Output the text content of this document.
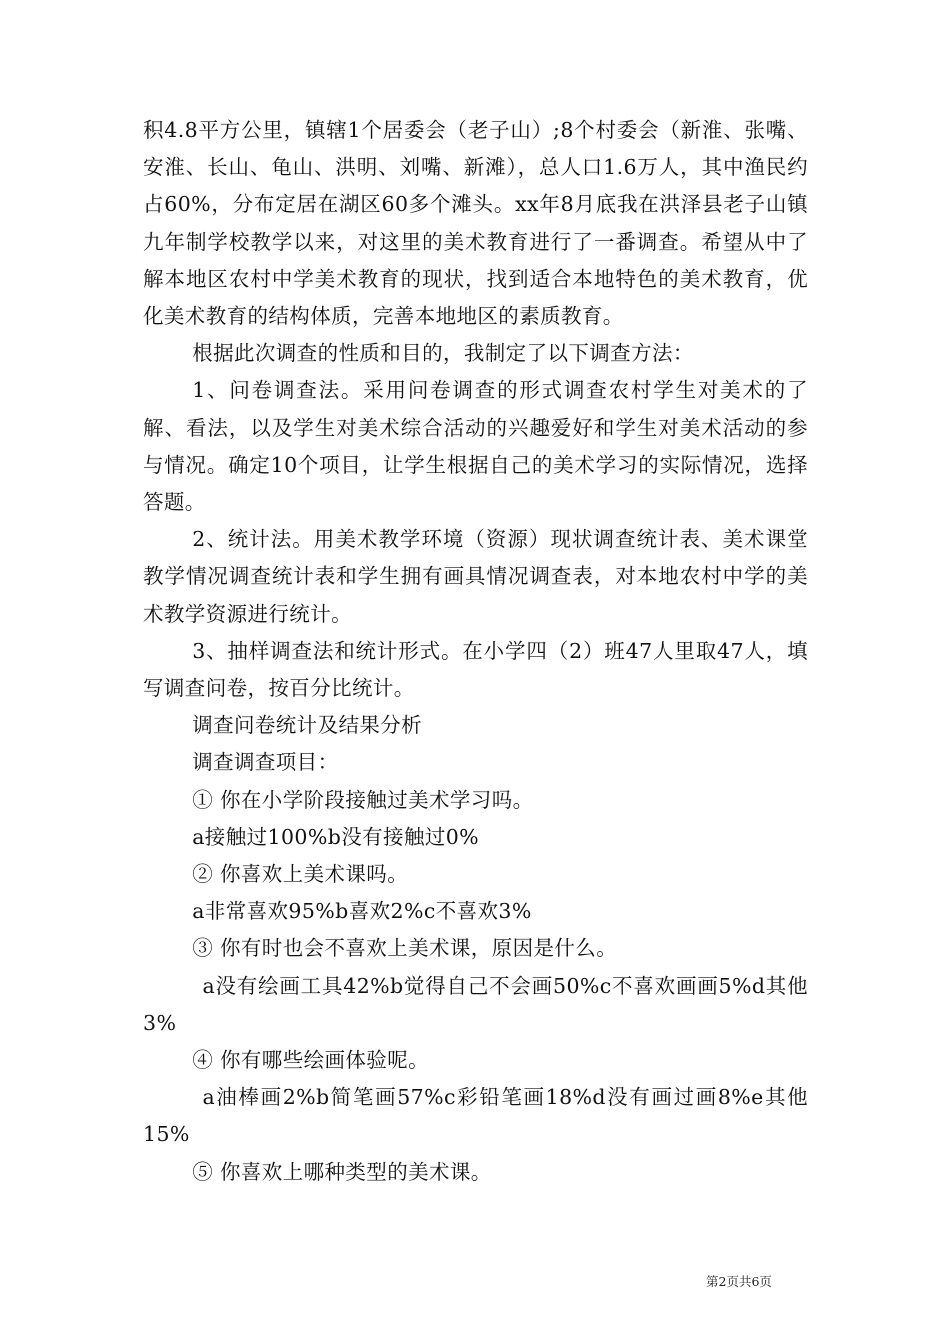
积4.8平方公里，镇辖1个居委会（老子山）;8个村委会（新淮、张嘴、安淮、长山、龟山、洪明、刘嘴、新滩），总人口1.6万人，其中渔民约占60%，分布定居在湖区60多个滩头。xx年8月底我在洪泽县老子山镇九年制学校教学以来，对这里的美术教育进行了一番调查。希望从中了解本地区农村中学美术教育的现状，找到适合本地特色的美术教育，优化美术教育的结构体质，完善本地地区的素质教育。

根据此次调查的性质和目的，我制定了以下调查方法：

1、问卷调查法。采用问卷调查的形式调查农村学生对美术的了解、看法，以及学生对美术综合活动的兴趣爱好和学生对美术活动的参与情况。确定10个项目，让学生根据自己的美术学习的实际情况，选择答题。

2、统计法。用美术教学环境（资源）现状调查统计表、美术课堂教学情况调查统计表和学生拥有画具情况调查表，对本地农村中学的美术教学资源进行统计。

3、抽样调查法和统计形式。在小学四（2）班47人里取47人，填写调查问卷，按百分比统计。

调查问卷统计及结果分析

调查调查项目：

① 你在小学阶段接触过美术学习吗。

a接触过100%b没有接触过0%

② 你喜欢上美术课吗。

a非常喜欢95%b喜欢2%c不喜欢3%

③ 你有时也会不喜欢上美术课，原因是什么。

a没有绘画工具42%b觉得自己不会画50%c不喜欢画画5%d其他3%

④ 你有哪些绘画体验呢。

a油棒画2%b简笔画57%c彩铅笔画18%d没有画过画8%e其他15%

⑤ 你喜欢上哪种类型的美术课。

第2页共6页
